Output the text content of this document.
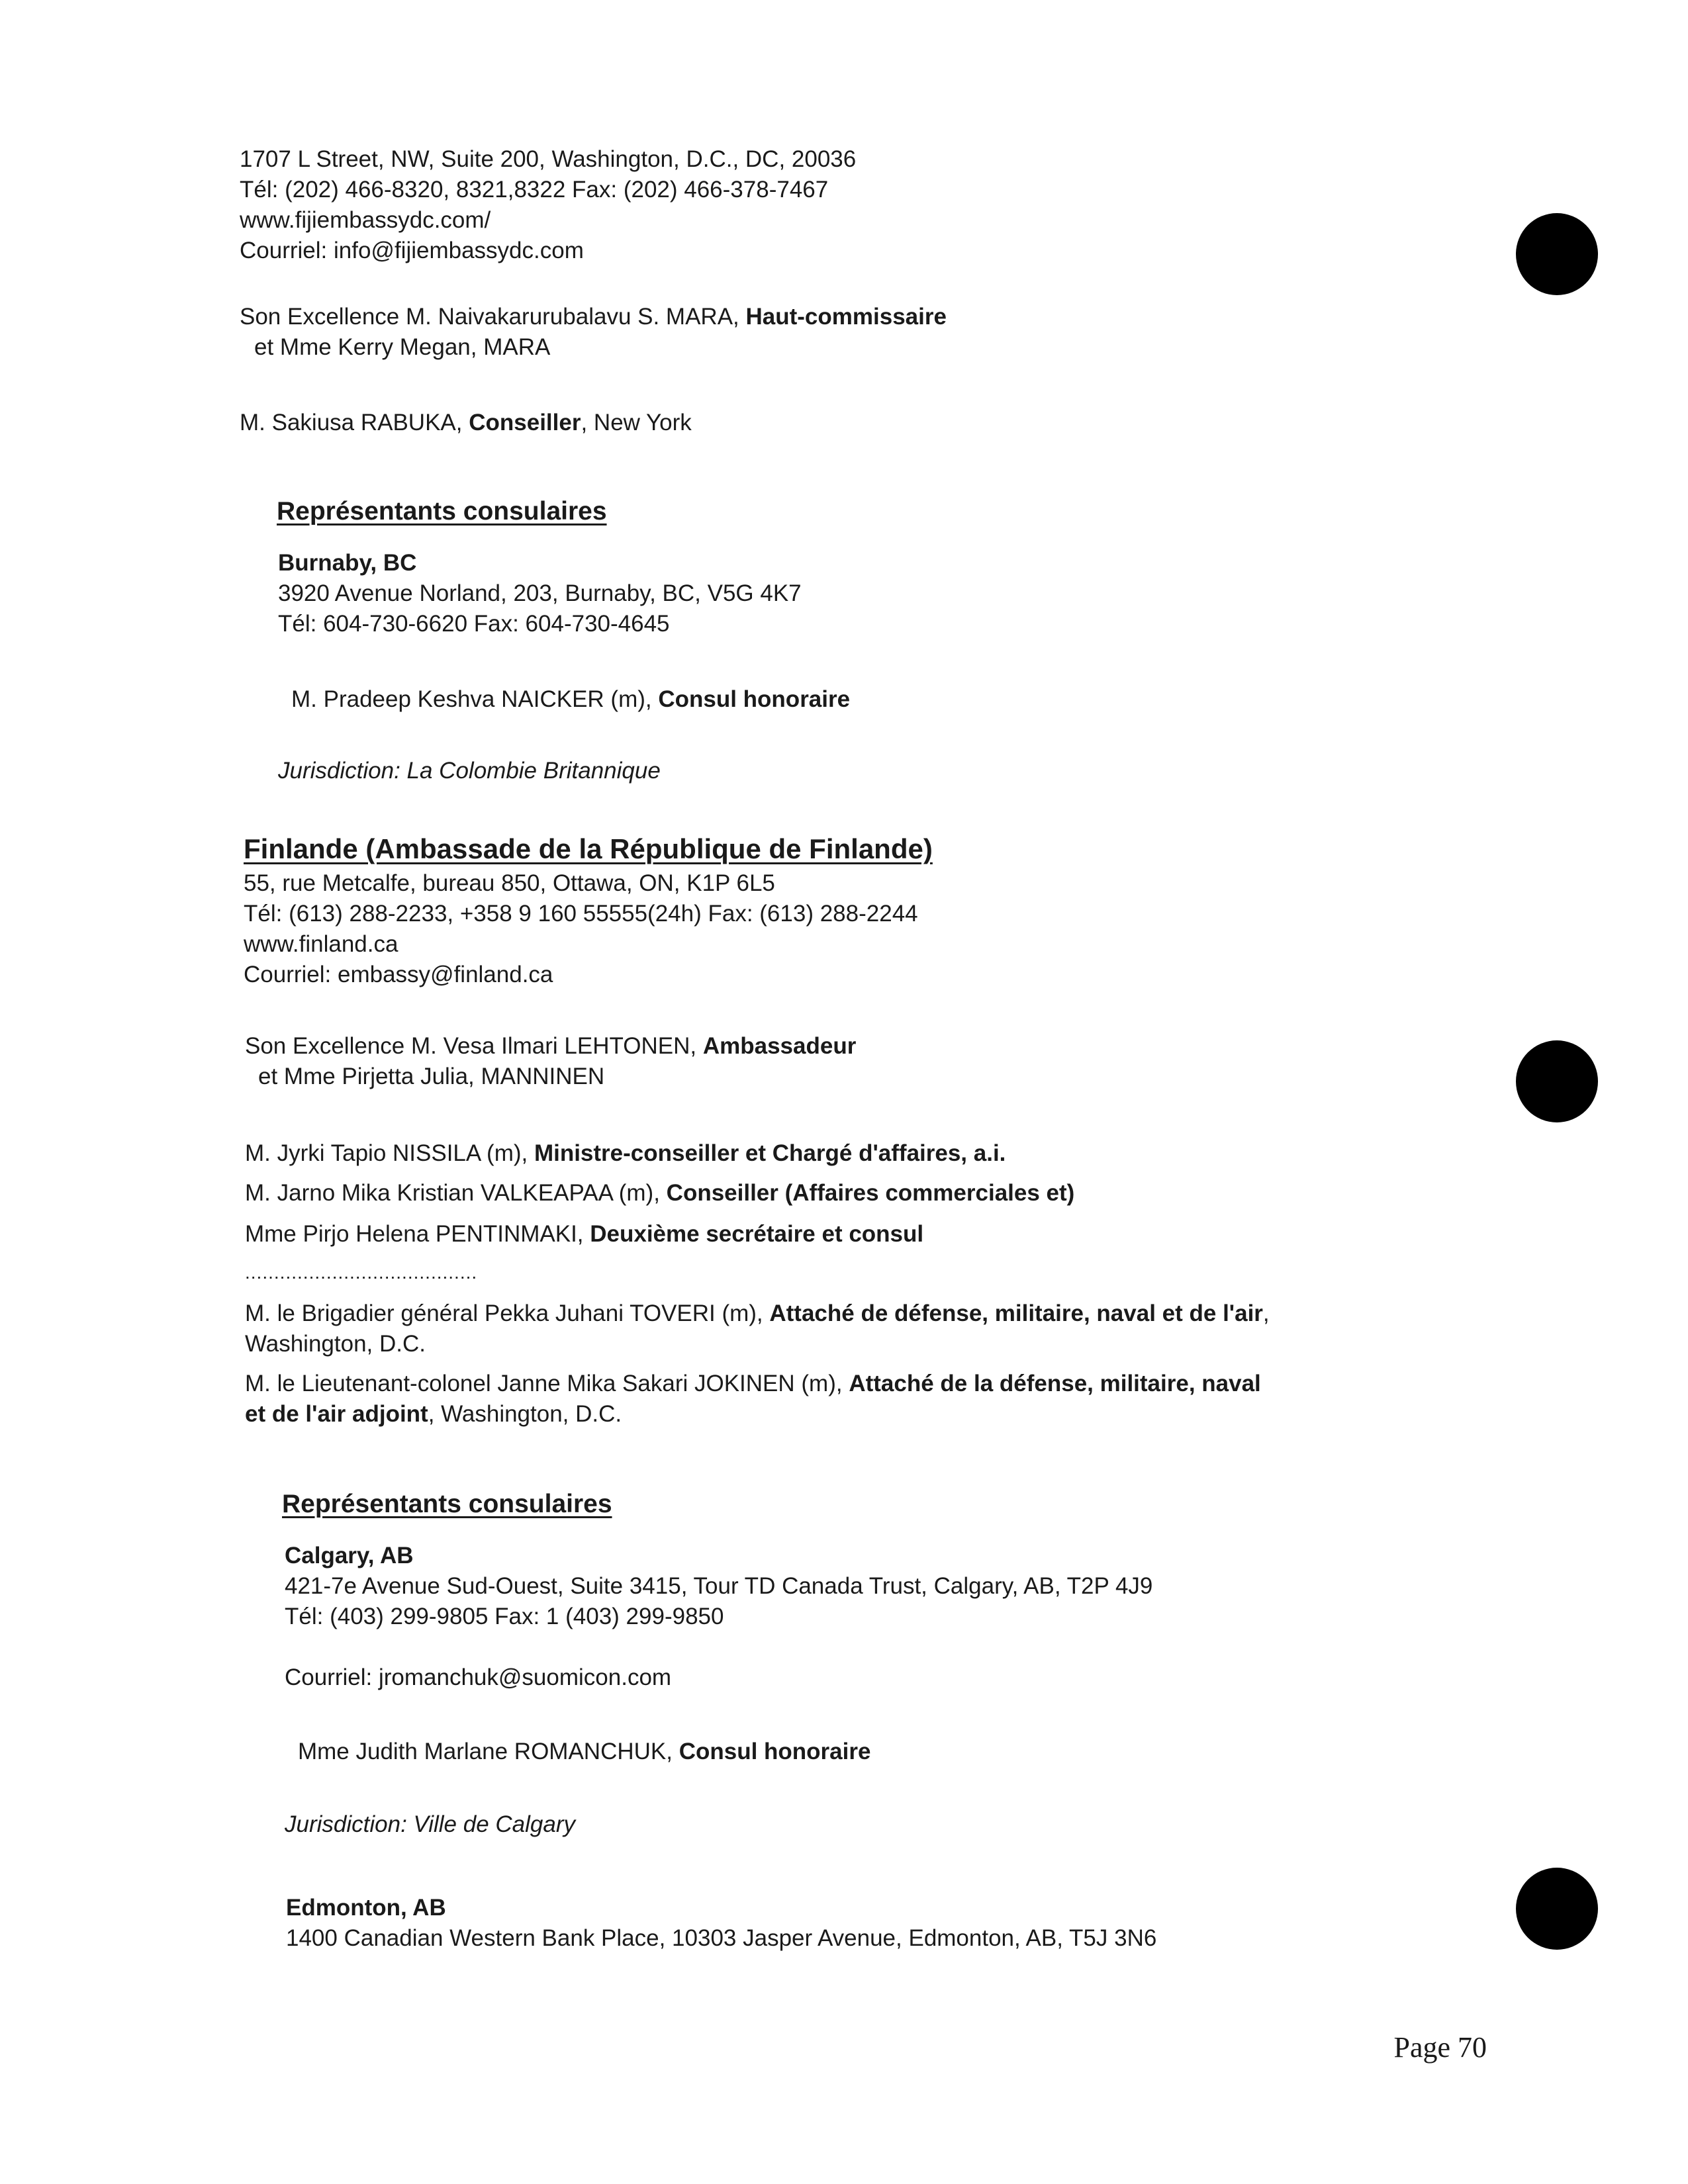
1707 L Street, NW, Suite 200, Washington, D.C., DC, 20036
Tél: (202) 466-8320, 8321,8322 Fax: (202) 466-378-7467
www.fijiembassydc.com/
Courriel: info@fijiembassydc.com
Son Excellence M. Naivakarurubalavu S. MARA, Haut-commissaire
et Mme Kerry Megan, MARA
M. Sakiusa RABUKA, Conseiller, New York
Représentants consulaires
Burnaby, BC
3920 Avenue Norland, 203, Burnaby, BC, V5G 4K7
Tél: 604-730-6620 Fax: 604-730-4645
M. Pradeep Keshva NAICKER (m), Consul honoraire
Jurisdiction: La Colombie Britannique
Finlande (Ambassade de la République de Finlande)
55, rue Metcalfe, bureau 850, Ottawa, ON, K1P 6L5
Tél: (613) 288-2233, +358 9 160 55555(24h) Fax: (613) 288-2244
www.finland.ca
Courriel: embassy@finland.ca
Son Excellence M. Vesa Ilmari LEHTONEN, Ambassadeur
et Mme Pirjetta Julia, MANNINEN
M. Jyrki Tapio NISSILA (m), Ministre-conseiller et Chargé d'affaires, a.i.
M. Jarno Mika Kristian VALKEAPAA (m), Conseiller (Affaires commerciales et)
Mme Pirjo Helena PENTINMAKI, Deuxième secrétaire et consul
........................................
M. le Brigadier général Pekka Juhani TOVERI (m), Attaché de défense, militaire, naval et de l'air,
Washington, D.C.
M. le Lieutenant-colonel Janne Mika Sakari JOKINEN (m), Attaché de la défense, militaire, naval
et de l'air adjoint, Washington, D.C.
Représentants consulaires
Calgary, AB
421-7e Avenue Sud-Ouest, Suite 3415, Tour TD Canada Trust, Calgary, AB, T2P 4J9
Tél: (403) 299-9805 Fax: 1 (403) 299-9850
Courriel: jromanchuk@suomicon.com
Mme Judith Marlane ROMANCHUK, Consul honoraire
Jurisdiction: Ville de Calgary
Edmonton, AB
1400 Canadian Western Bank Place, 10303 Jasper Avenue, Edmonton, AB, T5J 3N6
Page 70
